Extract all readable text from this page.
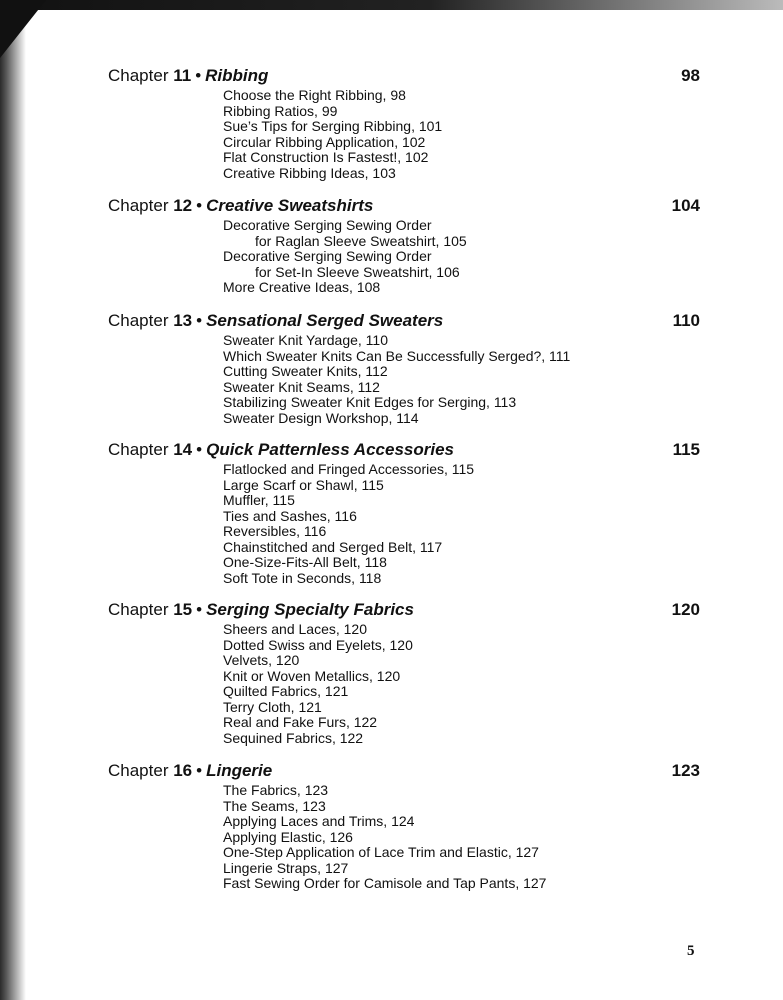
Chapter 11 • Ribbing	98
Choose the Right Ribbing, 98
Ribbing Ratios, 99
Sue’s Tips for Serging Ribbing, 101
Circular Ribbing Application, 102
Flat Construction Is Fastest!, 102
Creative Ribbing Ideas, 103
Chapter 12 • Creative Sweatshirts	104
Decorative Serging Sewing Order
for Raglan Sleeve Sweatshirt, 105
Decorative Serging Sewing Order
for Set-In Sleeve Sweatshirt, 106
More Creative Ideas, 108
Chapter 13 • Sensational Serged Sweaters	110
Sweater Knit Yardage, 110
Which Sweater Knits Can Be Successfully Serged?, 111
Cutting Sweater Knits, 112
Sweater Knit Seams, 112
Stabilizing Sweater Knit Edges for Serging, 113
Sweater Design Workshop, 114
Chapter 14 • Quick Patternless Accessories	115
Flatlocked and Fringed Accessories, 115
Large Scarf or Shawl, 115
Muffler, 115
Ties and Sashes, 116
Reversibles, 116
Chainstitched and Serged Belt, 117
One-Size-Fits-All Belt, 118
Soft Tote in Seconds, 118
Chapter 15 • Serging Specialty Fabrics	120
Sheers and Laces, 120
Dotted Swiss and Eyelets, 120
Velvets, 120
Knit or Woven Metallics, 120
Quilted Fabrics, 121
Terry Cloth, 121
Real and Fake Furs, 122
Sequined Fabrics, 122
Chapter 16 • Lingerie	123
The Fabrics, 123
The Seams, 123
Applying Laces and Trims, 124
Applying Elastic, 126
One-Step Application of Lace Trim and Elastic, 127
Lingerie Straps, 127
Fast Sewing Order for Camisole and Tap Pants, 127
5
